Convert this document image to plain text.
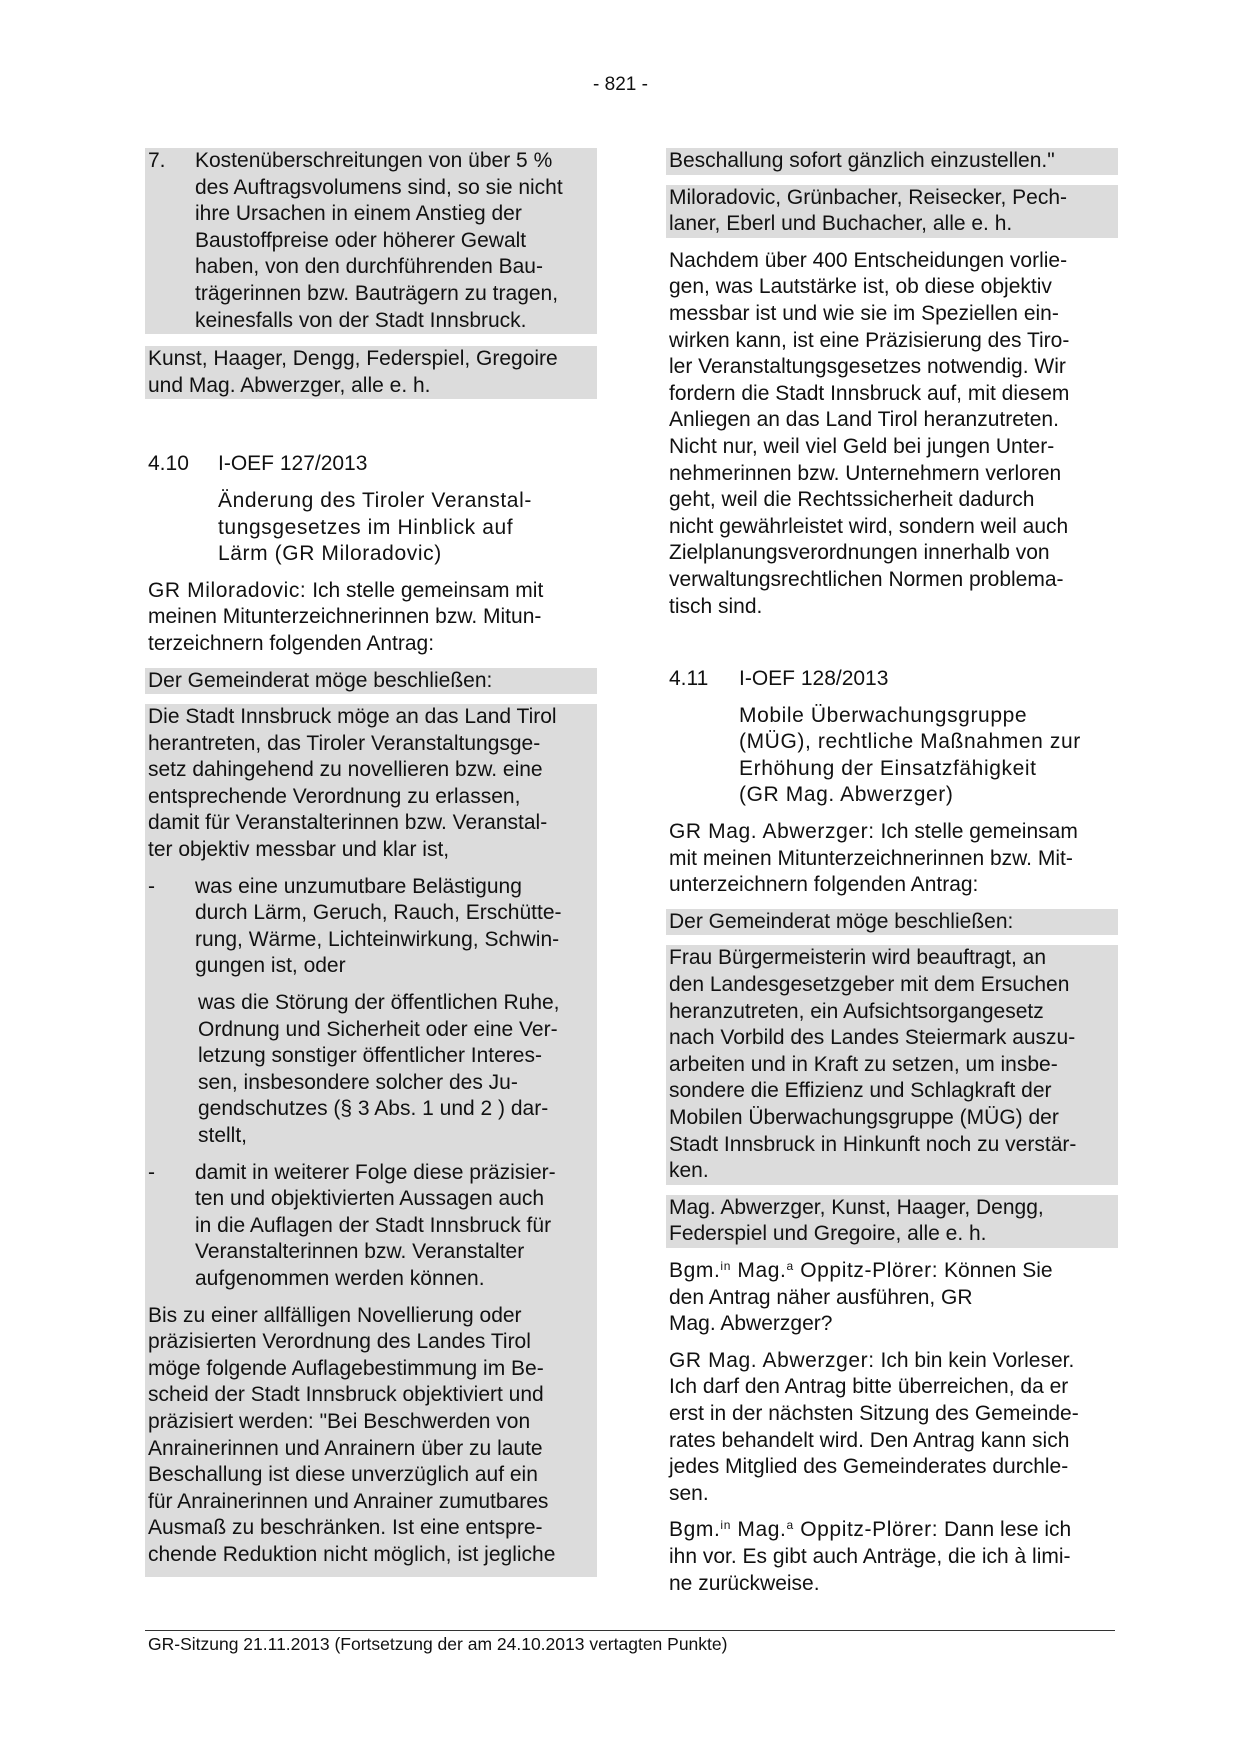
- 821 -
7.	Kostenüberschreitungen von über 5 %
des Auftragsvolumens sind, so sie nicht
ihre Ursachen in einem Anstieg der
Baustoffpreise oder höherer Gewalt
haben, von den durchführenden Bau-
trägerinnen bzw. Bauträgern zu tragen,
keinesfalls von der Stadt Innsbruck.
Kunst, Haager, Dengg, Federspiel, Gregoire
und Mag. Abwerzger, alle e. h.
4.10	I-OEF 127/2013
Änderung des Tiroler Veranstal-
tungsgesetzes im Hinblick auf
Lärm (GR Miloradovic)
GR Miloradovic: Ich stelle gemeinsam mit
meinen Mitunterzeichnerinnen bzw. Mitun-
terzeichnern folgenden Antrag:
Der Gemeinderat möge beschließen:
Die Stadt Innsbruck möge an das Land Tirol
herantreten, das Tiroler Veranstaltungsge-
setz dahingehend zu novellieren bzw. eine
entsprechende Verordnung zu erlassen,
damit für Veranstalterinnen bzw. Veranstal-
ter objektiv messbar und klar ist,
-	was eine unzumutbare Belästigung
durch Lärm, Geruch, Rauch, Erschütte-
rung, Wärme, Lichteinwirkung, Schwin-
gungen ist, oder
was die Störung der öffentlichen Ruhe,
Ordnung und Sicherheit oder eine Ver-
letzung sonstiger öffentlicher Interes-
sen, insbesondere solcher des Ju-
gendschutzes (§ 3 Abs. 1 und 2 ) dar-
stellt,
-	damit in weiterer Folge diese präzisier-
ten und objektivierten Aussagen auch
in die Auflagen der Stadt Innsbruck für
Veranstalterinnen bzw. Veranstalter
aufgenommen werden können.
Bis zu einer allfälligen Novellierung oder
präzisierten Verordnung des Landes Tirol
möge folgende Auflagebestimmung im Be-
scheid der Stadt Innsbruck objektiviert und
präzisiert werden: "Bei Beschwerden von
Anrainerinnen und Anrainern über zu laute
Beschallung ist diese unverzüglich auf ein
für Anrainerinnen und Anrainer zumutbares
Ausmaß zu beschränken. Ist eine entspre-
chende Reduktion nicht möglich, ist jegliche
Beschallung sofort gänzlich einzustellen."
Miloradovic, Grünbacher, Reisecker, Pech-
laner, Eberl und Buchacher, alle e. h.
Nachdem über 400 Entscheidungen vorlie-
gen, was Lautstärke ist, ob diese objektiv
messbar ist und wie sie im Speziellen ein-
wirken kann, ist eine Präzisierung des Tiro-
ler Veranstaltungsgesetzes notwendig. Wir
fordern die Stadt Innsbruck auf, mit diesem
Anliegen an das Land Tirol heranzutreten.
Nicht nur, weil viel Geld bei jungen Unter-
nehmerinnen bzw. Unternehmern verloren
geht, weil die Rechtssicherheit dadurch
nicht gewährleistet wird, sondern weil auch
Zielplanungsverordnungen innerhalb von
verwaltungsrechtlichen Normen problema-
tisch sind.
4.11	I-OEF 128/2013
Mobile Überwachungsgruppe
(MÜG), rechtliche Maßnahmen zur
Erhöhung der Einsatzfähigkeit
(GR Mag. Abwerzger)
GR Mag. Abwerzger: Ich stelle gemeinsam
mit meinen Mitunterzeichnerinnen bzw. Mit-
unterzeichnern folgenden Antrag:
Der Gemeinderat möge beschließen:
Frau Bürgermeisterin wird beauftragt, an
den Landesgesetzgeber mit dem Ersuchen
heranzutreten, ein Aufsichtsorgangesetz
nach Vorbild des Landes Steiermark auszu-
arbeiten und in Kraft zu setzen, um insbe-
sondere die Effizienz und Schlagkraft der
Mobilen Überwachungsgruppe (MÜG) der
Stadt Innsbruck in Hinkunft noch zu verstär-
ken.
Mag. Abwerzger, Kunst, Haager, Dengg,
Federspiel und Gregoire, alle e. h.
Bgm.$^{in}$ Mag.$^a$ Oppitz-Plörer: Können Sie
den Antrag näher ausführen, GR
Mag. Abwerzger?
GR Mag. Abwerzger: Ich bin kein Vorleser.
Ich darf den Antrag bitte überreichen, da er
erst in der nächsten Sitzung des Gemeinde-
rates behandelt wird. Den Antrag kann sich
jedes Mitglied des Gemeinderates durchle-
sen.
Bgm.$^{in}$ Mag.$^a$ Oppitz-Plörer: Dann lese ich
ihn vor. Es gibt auch Anträge, die ich à limi-
ne zurückweise.
GR-Sitzung 21.11.2013 (Fortsetzung der am 24.10.2013 vertagten Punkte)
